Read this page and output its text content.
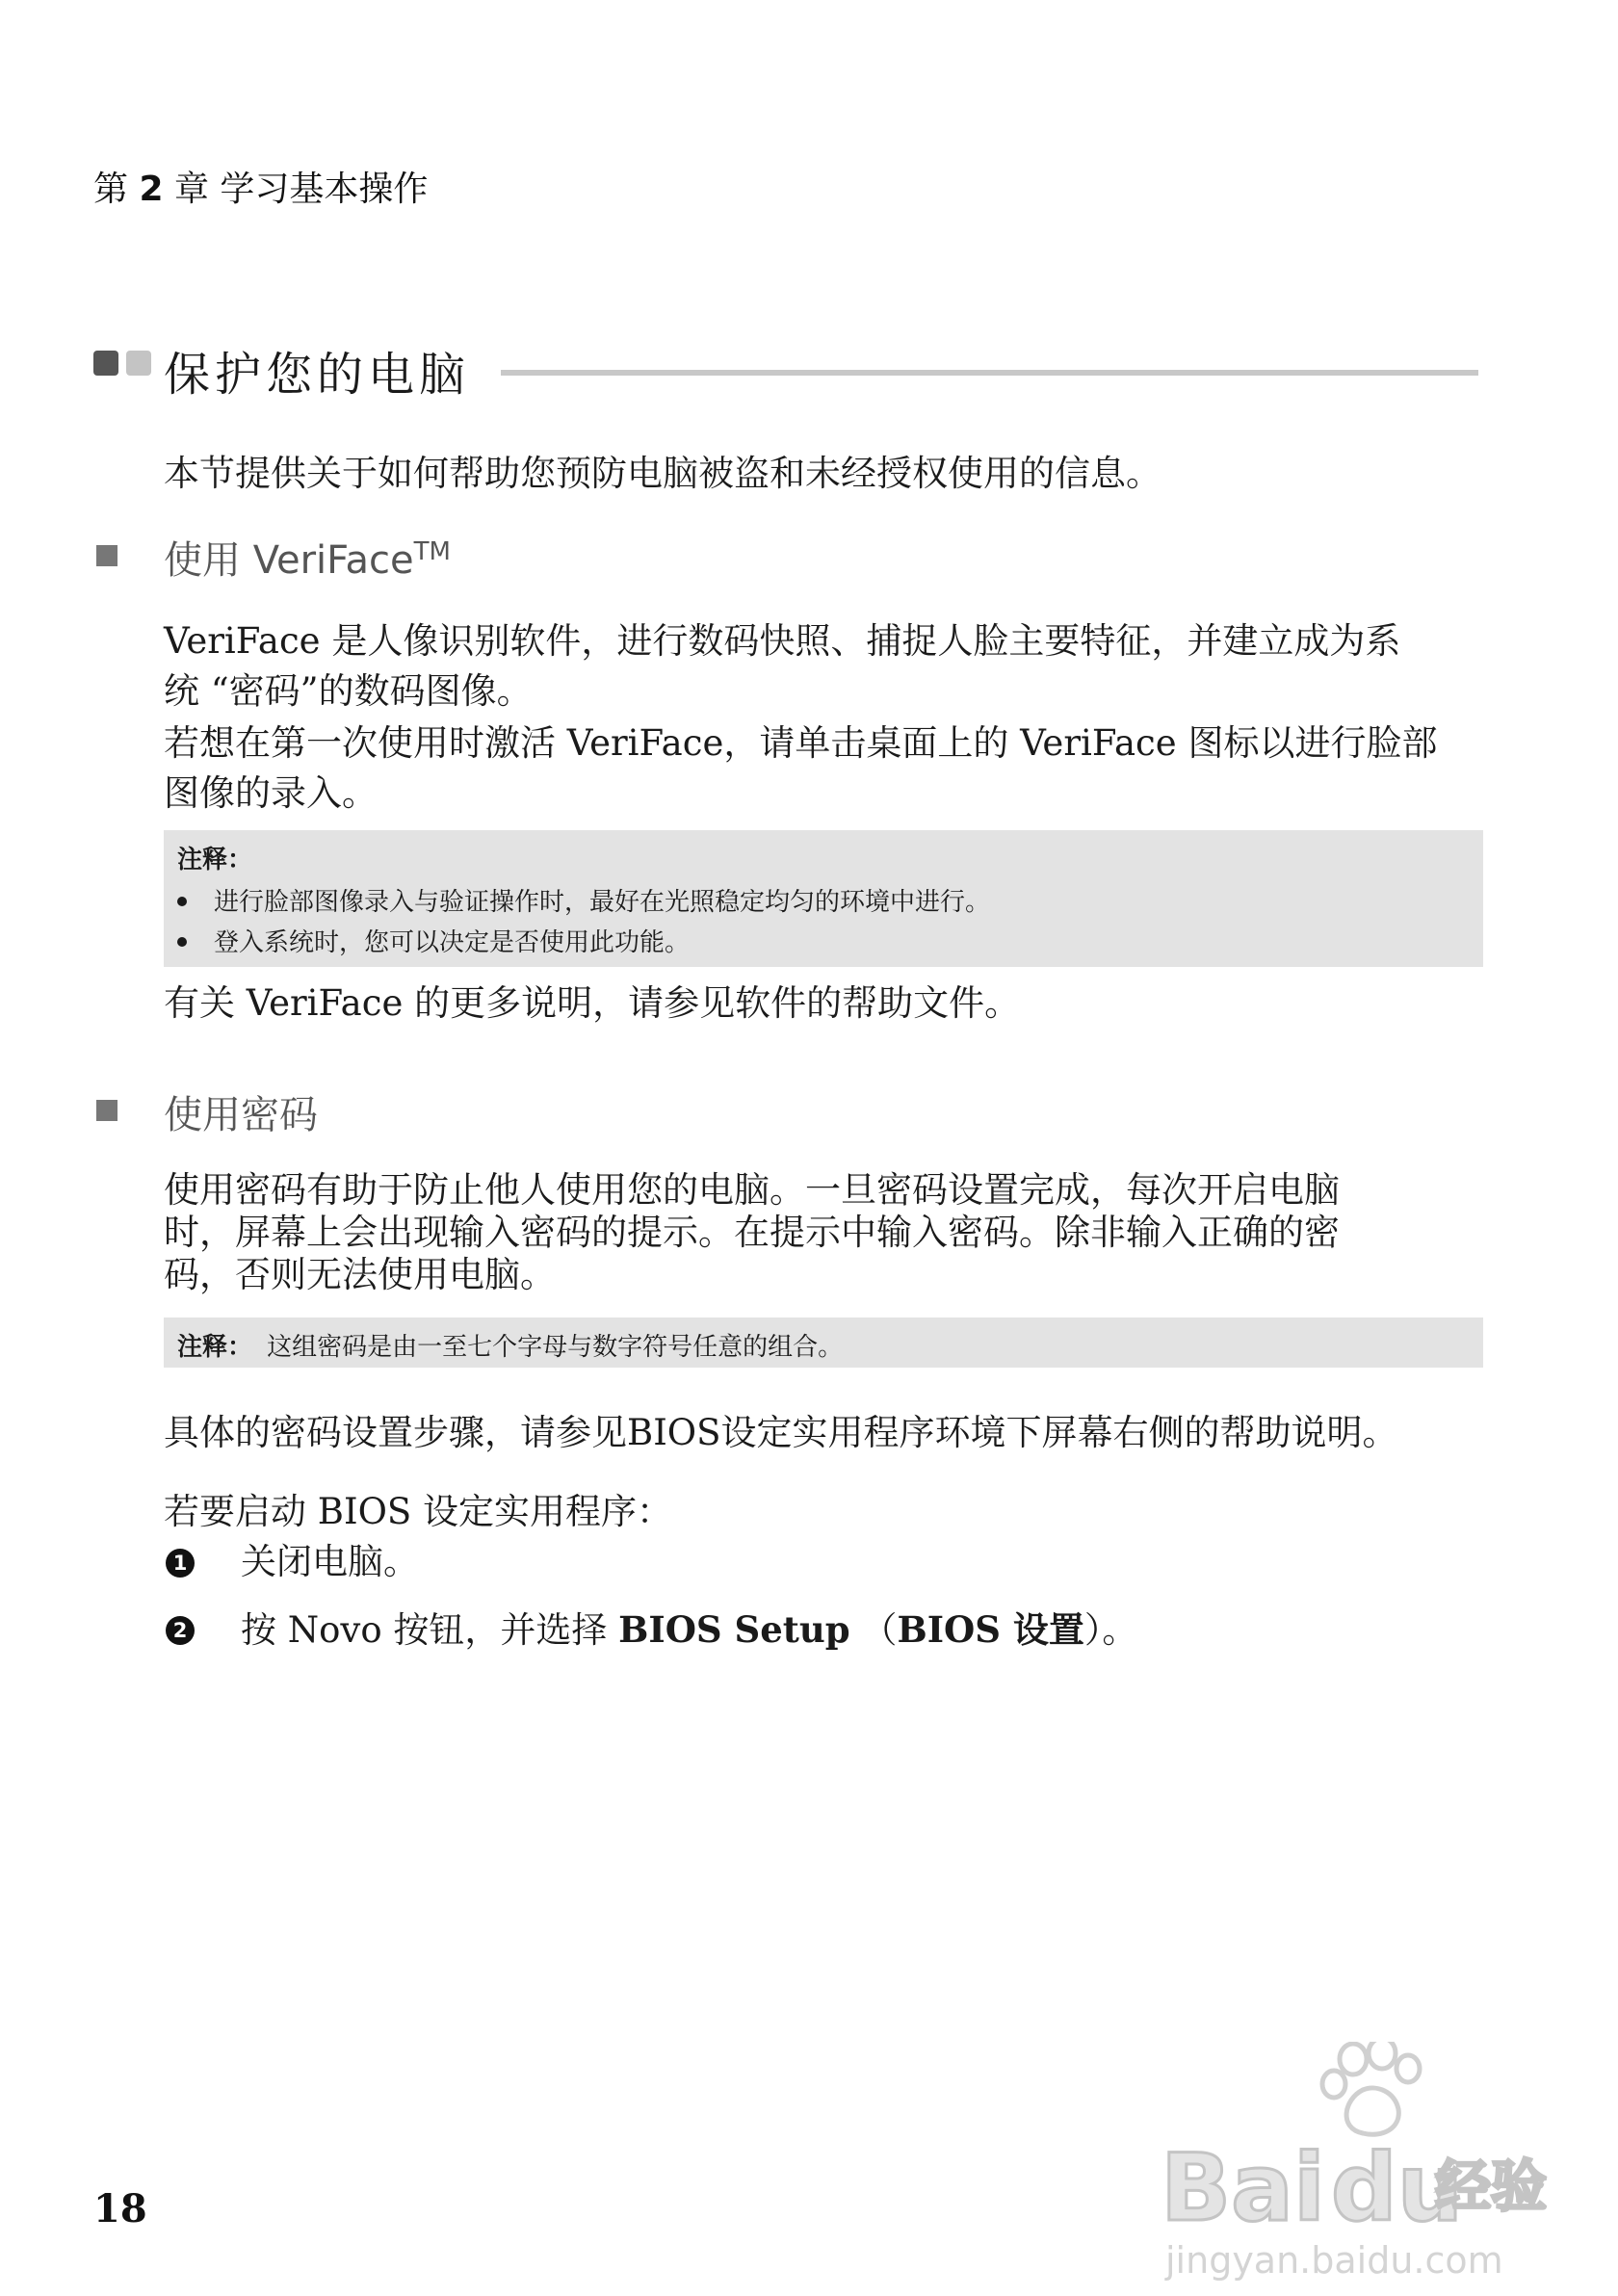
第 2 章 学习基本操作
保护您的电脑
本节提供关于如何帮助您预防电脑被盗和未经授权使用的信息。
使用 VeriFace™
VeriFace 是人像识别软件，进行数码快照、捕捉人脸主要特征，并建立成为系
统 “密码”的数码图像。
若想在第一次使用时激活 VeriFace，请单击桌面上的 VeriFace 图标以进行脸部
图像的录入。
注释：
进行脸部图像录入与验证操作时，最好在光照稳定均匀的环境中进行。
登入系统时，您可以决定是否使用此功能。
有关 VeriFace 的更多说明，请参见软件的帮助文件。
使用密码
使用密码有助于防止他人使用您的电脑。一旦密码设置完成，每次开启电脑
时，屏幕上会出现输入密码的提示。在提示中输入密码。除非输入正确的密
码，否则无法使用电脑。
注释： 这组密码是由一至七个字母与数字符号任意的组合。
具体的密码设置步骤，请参见BIOS设定实用程序环境下屏幕右侧的帮助说明。
若要启动 BIOS 设定实用程序：
1 关闭电脑。
2 按 Novo 按钮，并选择 BIOS Setup （BIOS 设置）。
18	Bai du
经验
jingyan.baidu.com
